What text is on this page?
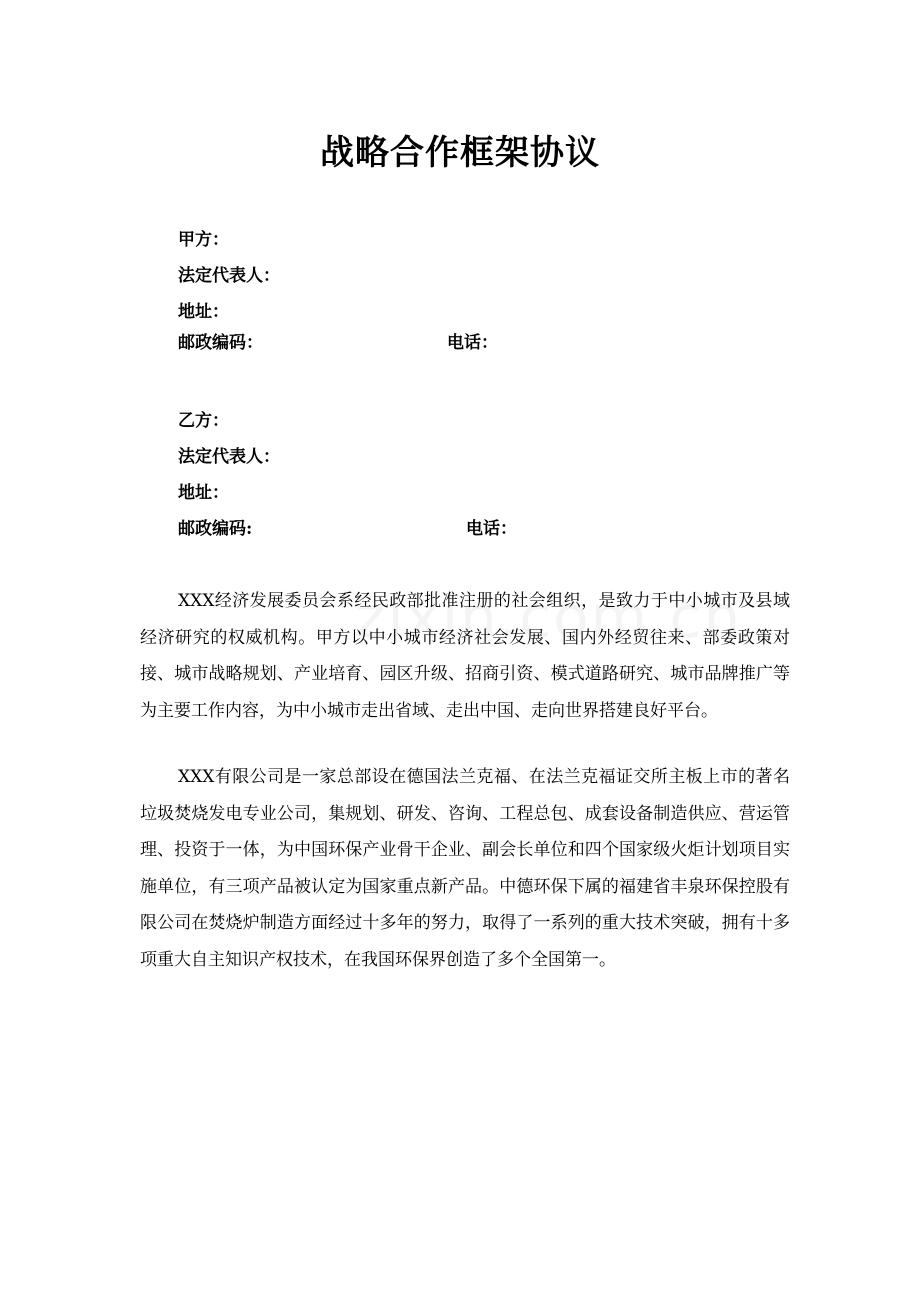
战略合作框架协议
甲方：
法定代表人：
地址：
邮政编码：	电话：
乙方：
法定代表人：
地址：
邮政编码:	电话：
XXX经济发展委员会系经民政部批准注册的社会组织，是致力于中小城市及县域经济研究的权威机构。甲方以中小城市经济社会发展、国内外经贸往来、部委政策对接、城市战略规划、产业培育、园区升级、招商引资、模式道路研究、城市品牌推广等为主要工作内容，为中小城市走出省域、走出中国、走向世界搭建良好平台。
XXX有限公司是一家总部设在德国法兰克福、在法兰克福证交所主板上市的著名垃圾焚烧发电专业公司，集规划、研发、咨询、工程总包、成套设备制造供应、营运管理、投资于一体，为中国环保产业骨干企业、副会长单位和四个国家级火炬计划项目实施单位，有三项产品被认定为国家重点新产品。中德环保下属的福建省丰泉环保控股有限公司在焚烧炉制造方面经过十多年的努力，取得了一系列的重大技术突破，拥有十多项重大自主知识产权技术，在我国环保界创造了多个全国第一。
